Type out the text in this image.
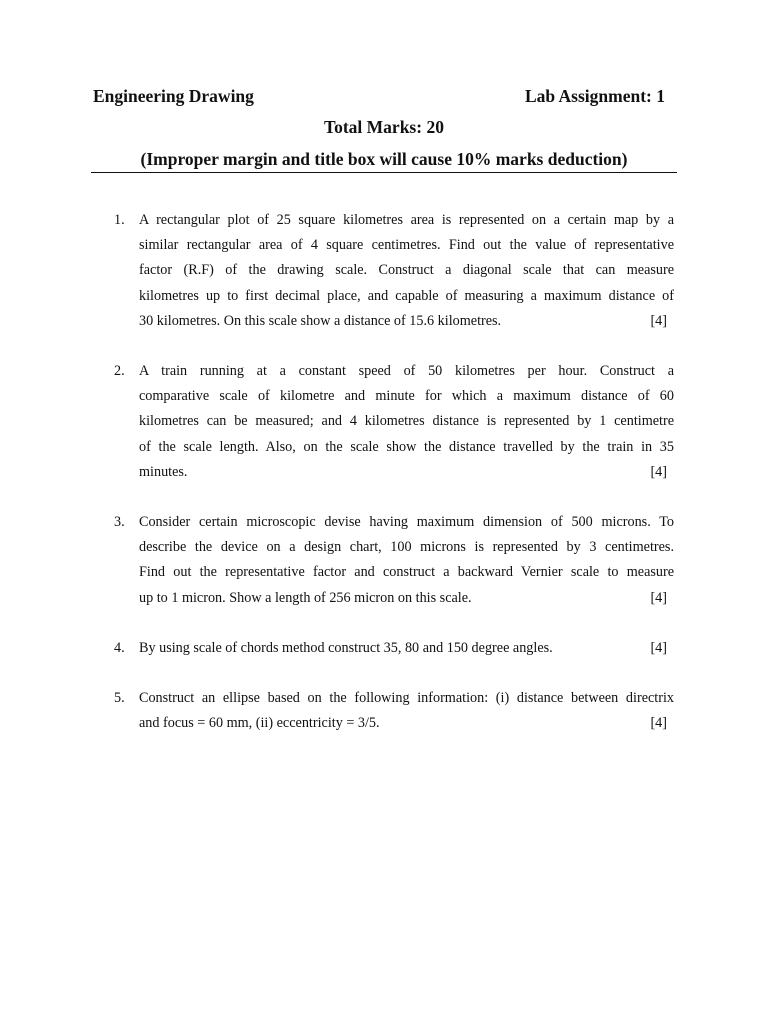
Engineering Drawing	Lab Assignment: 1
Total Marks: 20
(Improper margin and title box will cause 10% marks deduction)
1. A rectangular plot of 25 square kilometres area is represented on a certain map by a
similar rectangular area of 4 square centimetres. Find out the value of representative
factor (R.F) of the drawing scale. Construct a diagonal scale that can measure
kilometres up to first decimal place, and capable of measuring a maximum distance of
30 kilometres. On this scale show a distance of 15.6 kilometres.	[4]
2. A train running at a constant speed of 50 kilometres per hour. Construct a
comparative scale of kilometre and minute for which a maximum distance of 60
kilometres can be measured; and 4 kilometres distance is represented by 1 centimetre
of the scale length. Also, on the scale show the distance travelled by the train in 35
minutes.	[4]
3. Consider certain microscopic devise having maximum dimension of 500 microns. To
describe the device on a design chart, 100 microns is represented by 3 centimetres.
Find out the representative factor and construct a backward Vernier scale to measure
up to 1 micron. Show a length of 256 micron on this scale.	[4]
4. By using scale of chords method construct 35, 80 and 150 degree angles.	[4]
5. Construct an ellipse based on the following information: (i) distance between directrix
and focus = 60 mm, (ii) eccentricity = 3/5.	[4]
